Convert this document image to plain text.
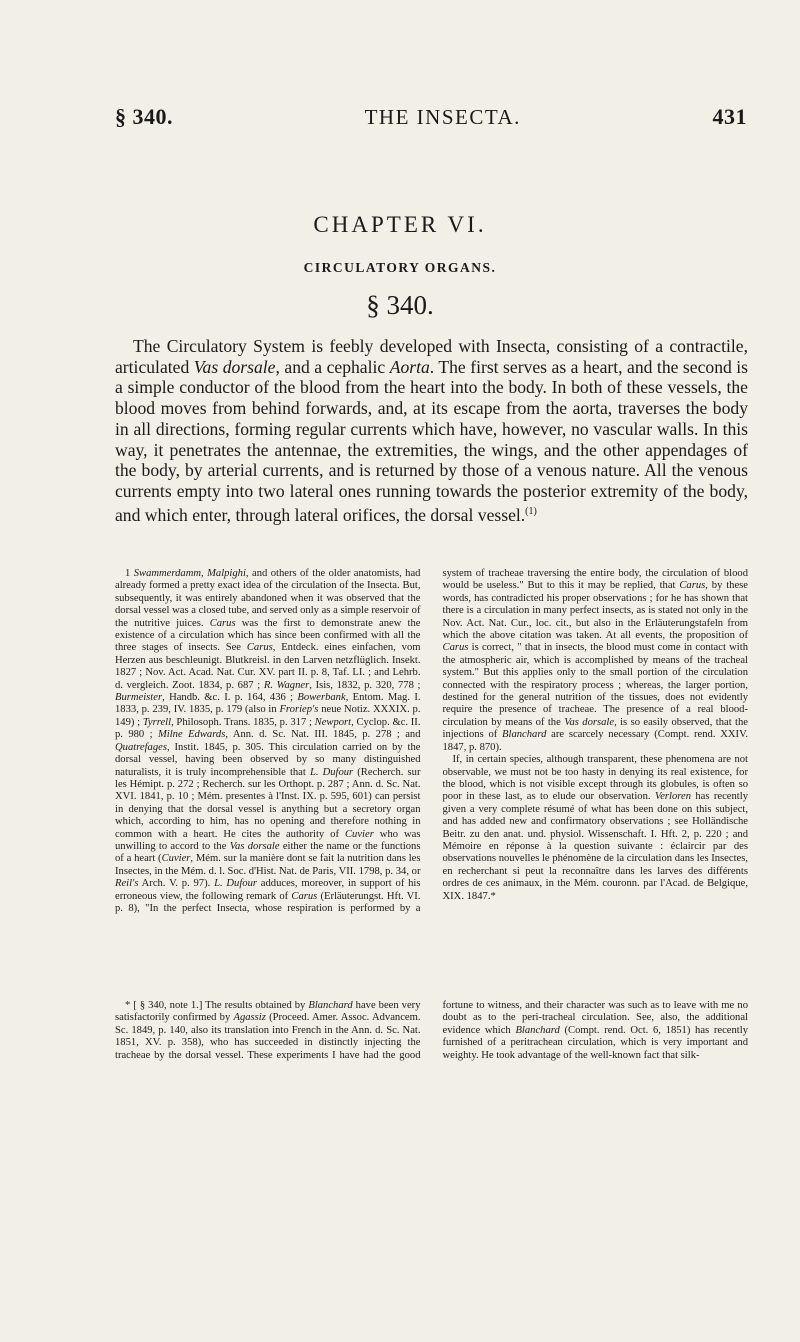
§ 340.	THE INSECTA.	431
CHAPTER VI.
CIRCULATORY ORGANS.
§ 340.

The Circulatory System is feebly developed with Insecta, consisting of a contractile, articulated Vas dorsale, and a cephalic Aorta. The first serves as a heart, and the second is a simple conductor of the blood from the heart into the body. In both of these vessels, the blood moves from behind forwards, and, at its escape from the aorta, traverses the body in all directions, forming regular currents which have, however, no vascular walls. In this way, it penetrates the antennae, the extremities, the wings, and the other appendages of the body, by arterial currents, and is returned by those of a venous nature. All the venous currents empty into two lateral ones running towards the posterior extremity of the body, and which enter, through lateral orifices, the dorsal vessel.$^{(1)}$

1 Swammerdamm, Malpighi, and others of the older anatomists, had already formed a pretty exact idea of the circulation of the Insecta. But, subsequently, it was entirely abandoned when it was observed that the dorsal vessel was a closed tube, and served only as a simple reservoir of the nutritive juices. Carus was the first to demonstrate anew the existence of a circulation which has since been confirmed with all the three stages of insects. See Carus, Entdeck. eines einfachen, vom Herzen aus beschleunigt. Blutkreisl. in den Larven netzflüglich. Insekt. 1827 ; Nov. Act. Acad. Nat. Cur. XV. part II. p. 8, Taf. LI. ; and Lehrb. d. vergleich. Zoot. 1834, p. 687 ; R. Wagner, Isis, 1832, p. 320, 778 ; Burmeister, Handb. &c. I. p. 164, 436 ; Bowerbank, Entom. Mag. I. 1833, p. 239, IV. 1835, p. 179 (also in Froriep's neue Notiz. XXXIX. p. 149) ; Tyrrell, Philosoph. Trans. 1835, p. 317 ; Newport, Cyclop. &c. II. p. 980 ; Milne Edwards, Ann. d. Sc. Nat. III. 1845, p. 278 ; and Quatrefages, Instit. 1845, p. 305. This circulation carried on by the dorsal vessel, having been observed by so many distinguished naturalists, it is truly incomprehensible that L. Dufour (Recherch. sur les Hémipt. p. 272 ; Recherch. sur les Orthopt. p. 287 ; Ann. d. Sc. Nat. XVI. 1841, p. 10 ; Mém. presentes à l'Inst. IX. p. 595, 601) can persist in denying that the dorsal vessel is anything but a secretory organ which, according to him, has no opening and therefore nothing in common with a heart. He cites the authority of Cuvier who was unwilling to accord to the Vas dorsale either the name or the functions of a heart (Cuvier, Mém. sur la manière dont se fait la nutrition dans les Insectes, in the Mém. d. l. Soc. d'Hist. Nat. de Paris, VII. 1798, p. 34, or Reil's Arch. V. p. 97). L. Dufour adduces, moreover, in support of his erroneous view, the following remark of Carus (Erläuterungst. Hft. VI. p. 8), "In the perfect Insecta, whose respiration is performed by a system of tracheae traversing the entire body, the circulation of blood would be useless." But to this it may be replied, that Carus, by these words, has contradicted his proper observations ; for he has shown that there is a circulation in many perfect insects, as is stated not only in the Nov. Act. Nat. Cur., loc. cit., but also in the Erläuterungstafeln from which the above citation was taken. At all events, the proposition of Carus is correct, " that in insects, the blood must come in contact with the atmospheric air, which is accomplished by means of the tracheal system." But this applies only to the small portion of the circulation connected with the respiratory process ; whereas, the larger portion, destined for the general nutrition of the tissues, does not evidently require the presence of tracheae. The presence of a real blood-circulation by means of the Vas dorsale, is so easily observed, that the injections of Blanchard are scarcely necessary (Compt. rend. XXIV. 1847, p. 870).

If, in certain species, although transparent, these phenomena are not observable, we must not be too hasty in denying its real existence, for the blood, which is not visible except through its globules, is often so poor in these last, as to elude our observation. Verloren has recently given a very complete résumé of what has been done on this subject, and has added new and confirmatory observations ; see Holländische Beitr. zu den anat. und. physiol. Wissenschaft. I. Hft. 2, p. 220 ; and Mémoire en réponse à la question suivante : éclaircir par des observations nouvelles le phénomène de la circulation dans les Insectes, en recherchant si peut la reconnaître dans les larves des différents ordres de ces animaux, in the Mém. couronn. par l'Acad. de Belgique, XIX. 1847.*

* [ § 340, note 1.] The results obtained by Blanchard have been very satisfactorily confirmed by Agassiz (Proceed. Amer. Assoc. Advancem. Sc. 1849, p. 140, also its translation into French in the Ann. d. Sc. Nat. 1851, XV. p. 358), who has succeeded in distinctly injecting the tracheae by the dorsal vessel. These experiments I have had the good fortune to witness, and their character was such as to leave with me no doubt as to the peri-tracheal circulation. See, also, the additional evidence which Blanchard (Compt. rend. Oct. 6, 1851) has recently furnished of a peritrachean circulation, which is very important and weighty. He took advantage of the well-known fact that silk-
